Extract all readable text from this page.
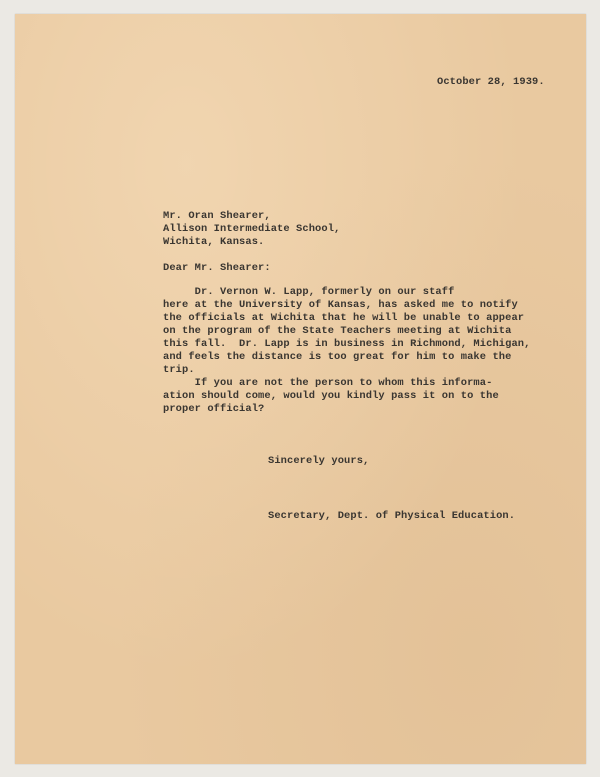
October 28, 1939.
Mr. Oran Shearer,
Allison Intermediate School,
Wichita, Kansas.
Dear Mr. Shearer:
Dr. Vernon W. Lapp, formerly on our staff
here at the University of Kansas, has asked me to notify
the officials at Wichita that he will be unable to appear
on the program of the State Teachers meeting at Wichita
this fall.  Dr. Lapp is in business in Richmond, Michigan,
and feels the distance is too great for him to make the
trip.
If you are not the person to whom this informa-
ation should come, would you kindly pass it on to the
proper official?
Sincerely yours,
Secretary, Dept. of Physical Education.
